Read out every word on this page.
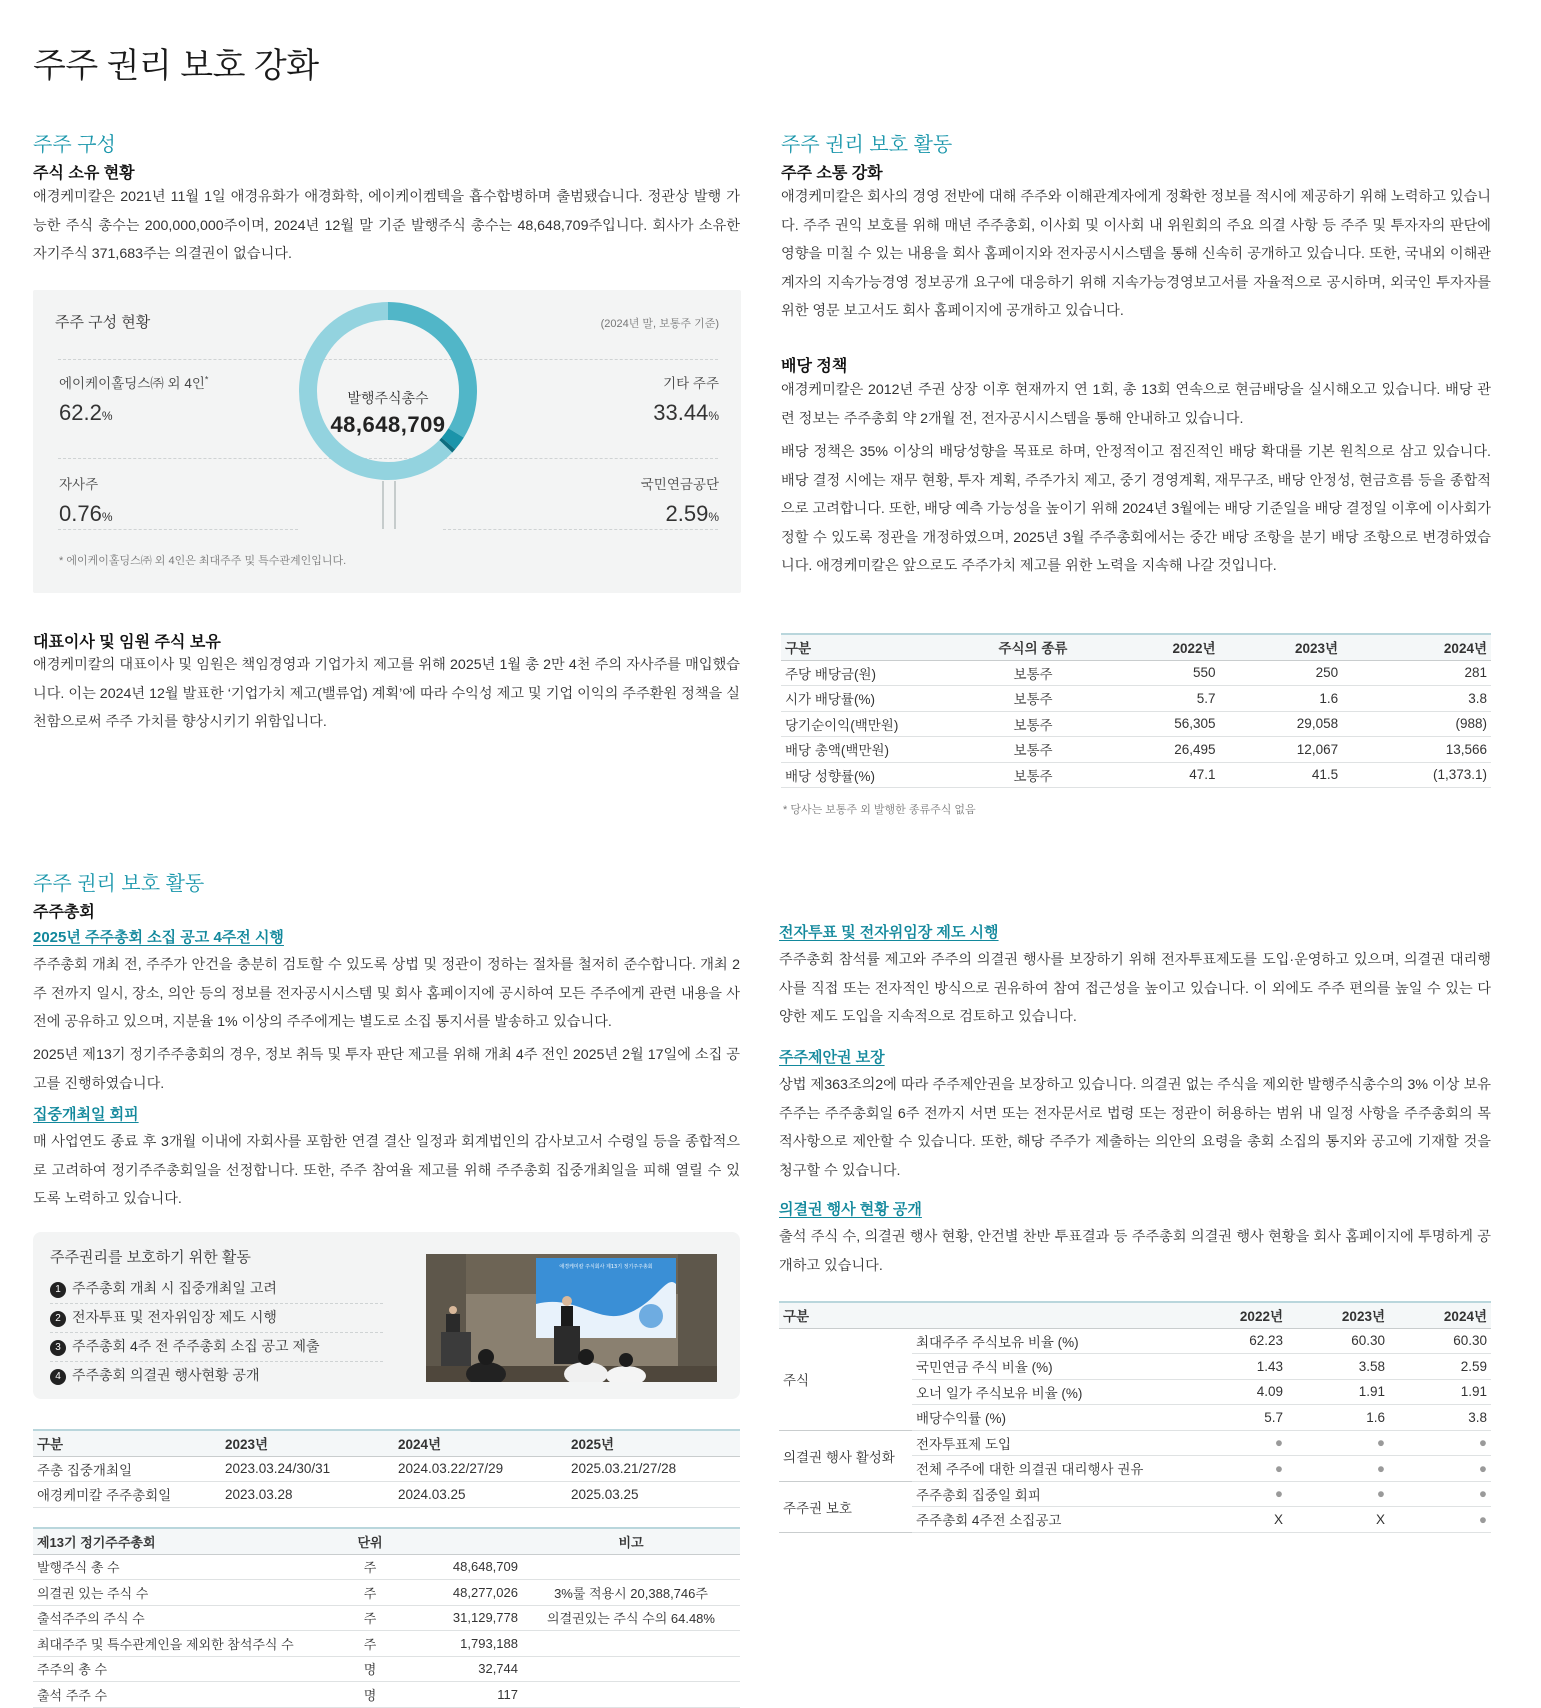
주주 권리 보호 강화
주주 구성
주식 소유 현황
애경케미칼은 2021년 11월 1일 애경유화가 애경화학, 에이케이켐텍을 흡수합병하며 출범됐습니다. 정관상 발행 가능한 주식 총수는 200,000,000주이며, 2024년 12월 말 기준 발행주식 총수는 48,648,709주입니다. 회사가 소유한 자기주식 371,683주는 의결권이 없습니다.
주주 구성 현황	(2024년 말, 보통주 기준)
에이케이홀딩스㈜ 외 4인*
62.2%
자사주
0.76%
기타 주주
33.44%
국민연금공단
2.59%
발행주식총수
48,648,709
* 에이케이홀딩스㈜ 외 4인은 최대주주 및 특수관계인입니다.
대표이사 및 임원 주식 보유
애경케미칼의 대표이사 및 임원은 책임경영과 기업가치 제고를 위해 2025년 1월 총 2만 4천 주의 자사주를 매입했습니다. 이는 2024년 12월 발표한 ‘기업가치 제고(밸류업) 계획’에 따라 수익성 제고 및 기업 이익의 주주환원 정책을 실천함으로써 주주 가치를 향상시키기 위함입니다.
주주 권리 보호 활동
주주 소통 강화
애경케미칼은 회사의 경영 전반에 대해 주주와 이해관계자에게 정확한 정보를 적시에 제공하기 위해 노력하고 있습니다. 주주 권익 보호를 위해 매년 주주총회, 이사회 및 이사회 내 위원회의 주요 의결 사항 등 주주 및 투자자의 판단에 영향을 미칠 수 있는 내용을 회사 홈페이지와 전자공시시스템을 통해 신속히 공개하고 있습니다. 또한, 국내외 이해관계자의 지속가능경영 정보공개 요구에 대응하기 위해 지속가능경영보고서를 자율적으로 공시하며, 외국인 투자자를 위한 영문 보고서도 회사 홈페이지에 공개하고 있습니다.
배당 정책
애경케미칼은 2012년 주권 상장 이후 현재까지 연 1회, 총 13회 연속으로 현금배당을 실시해오고 있습니다. 배당 관련 정보는 주주총회 약 2개월 전, 전자공시시스템을 통해 안내하고 있습니다.
배당 정책은 35% 이상의 배당성향을 목표로 하며, 안정적이고 점진적인 배당 확대를 기본 원칙으로 삼고 있습니다. 배당 결정 시에는 재무 현황, 투자 계획, 주주가치 제고, 중기 경영계획, 재무구조, 배당 안정성, 현금흐름 등을 종합적으로 고려합니다. 또한, 배당 예측 가능성을 높이기 위해 2024년 3월에는 배당 기준일을 배당 결정일 이후에 이사회가 정할 수 있도록 정관을 개정하였으며, 2025년 3월 주주총회에서는 중간 배당 조항을 분기 배당 조항으로 변경하였습니다. 애경케미칼은 앞으로도 주주가치 제고를 위한 노력을 지속해 나갈 것입니다.
구분	주식의 종류	2022년	2023년	2024년
주당 배당금(원)	보통주	550	250	281
시가 배당률(%)	보통주	5.7	1.6	3.8
당기순이익(백만원)	보통주	56,305	29,058	(988)
배당 총액(백만원)	보통주	26,495	12,067	13,566
배당 성향률(%)	보통주	47.1	41.5	(1,373.1)
* 당사는 보통주 외 발행한 종류주식 없음
주주 권리 보호 활동
주주총회
2025년 주주총회 소집 공고 4주전 시행
주주총회 개최 전, 주주가 안건을 충분히 검토할 수 있도록 상법 및 정관이 정하는 절차를 철저히 준수합니다. 개최 2주 전까지 일시, 장소, 의안 등의 정보를 전자공시시스템 및 회사 홈페이지에 공시하여 모든 주주에게 관련 내용을 사전에 공유하고 있으며, 지분율 1% 이상의 주주에게는 별도로 소집 통지서를 발송하고 있습니다.
2025년 제13기 정기주주총회의 경우, 정보 취득 및 투자 판단 제고를 위해 개최 4주 전인 2025년 2월 17일에 소집 공고를 진행하였습니다.
집중개최일 회피
매 사업연도 종료 후 3개월 이내에 자회사를 포함한 연결 결산 일정과 회계법인의 감사보고서 수령일 등을 종합적으로 고려하여 정기주주총회일을 선정합니다. 또한, 주주 참여율 제고를 위해 주주총회 집중개최일을 피해 열릴 수 있도록 노력하고 있습니다.
주주권리를 보호하기 위한 활동
1 주주총회 개최 시 집중개최일 고려
2 전자투표 및 전자위임장 제도 시행
3 주주총회 4주 전 주주총회 소집 공고 제출
4 주주총회 의결권 행사현황 공개
애경케미칼 주식회사 제13기 정기주주총회
구분	2023년	2024년	2025년
주총 집중개최일	2023.03.24/30/31	2024.03.22/27/29	2025.03.21/27/28
애경케미칼 주주총회일	2023.03.28	2024.03.25	2025.03.25
제13기 정기주주총회	단위		비고
발행주식 총 수	주	48,648,709	
의결권 있는 주식 수	주	48,277,026	3%룰 적용시 20,388,746주
출석주주의 주식 수	주	31,129,778	의결권있는 주식 수의 64.48%
최대주주 및 특수관계인을 제외한 참석주식 수	주	1,793,188	
주주의 총 수	명	32,744	
출석 주주 수	명	117	
전자투표 및 전자위임장 제도 시행
주주총회 참석률 제고와 주주의 의결권 행사를 보장하기 위해 전자투표제도를 도입·운영하고 있으며, 의결권 대리행사를 직접 또는 전자적인 방식으로 권유하여 참여 접근성을 높이고 있습니다. 이 외에도 주주 편의를 높일 수 있는 다양한 제도 도입을 지속적으로 검토하고 있습니다.
주주제안권 보장
상법 제363조의2에 따라 주주제안권을 보장하고 있습니다. 의결권 없는 주식을 제외한 발행주식총수의 3% 이상 보유 주주는 주주총회일 6주 전까지 서면 또는 전자문서로 법령 또는 정관이 허용하는 범위 내 일정 사항을 주주총회의 목적사항으로 제안할 수 있습니다. 또한, 해당 주주가 제출하는 의안의 요령을 총회 소집의 통지와 공고에 기재할 것을 청구할 수 있습니다.
의결권 행사 현황 공개
출석 주식 수, 의결권 행사 현황, 안건별 찬반 투표결과 등 주주총회 의결권 행사 현황을 회사 홈페이지에 투명하게 공개하고 있습니다.
구분		2022년	2023년	2024년
주식	최대주주 주식보유 비율 (%)	62.23	60.30	60.30
	국민연금 주식 비율 (%)	1.43	3.58	2.59
	오너 일가 주식보유 비율 (%)	4.09	1.91	1.91
	배당수익률 (%)	5.7	1.6	3.8
의결권 행사 활성화	전자투표제 도입	●	●	●
	전체 주주에 대한 의결권 대리행사 권유	●	●	●
주주권 보호	주주총회 집중일 회피	●	●	●
	주주총회 4주전 소집공고	X	X	●
